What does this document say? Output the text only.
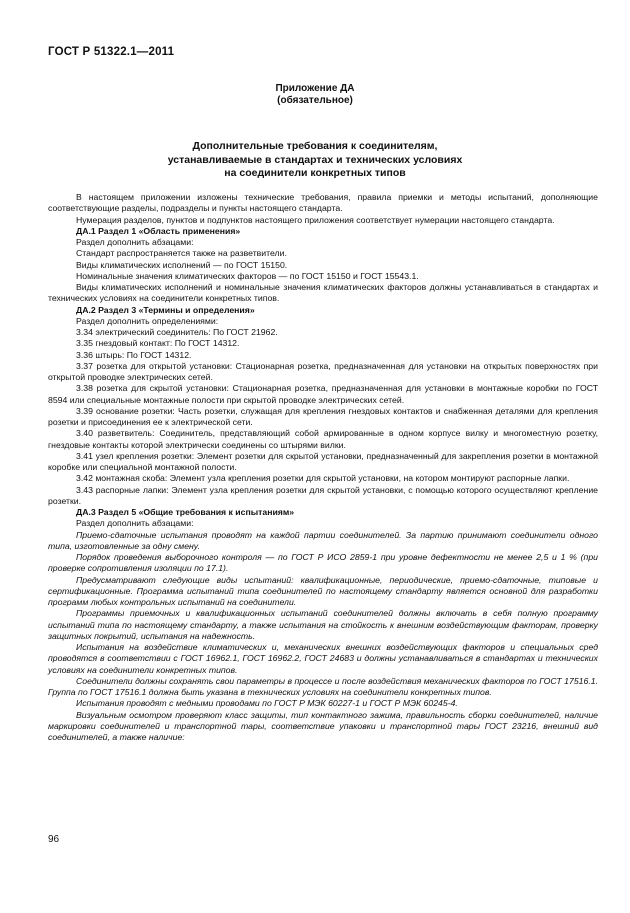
ГОСТ Р 51322.1—2011
Приложение ДА
(обязательное)
Дополнительные требования к соединителям,
устанавливаемые в стандартах и технических условиях
на соединители конкретных типов

В настоящем приложении изложены технические требования, правила приемки и методы испытаний, дополняющие соответствующие разделы, подразделы и пункты настоящего стандарта.

Нумерация разделов, пунктов и подпунктов настоящего приложения соответствует нумерации настоящего стандарта.

ДА.1 Раздел 1 «Область применения»

Раздел дополнить абзацами:

Стандарт распространяется также на разветвители.

Виды климатических исполнений — по ГОСТ 15150.

Номинальные значения климатических факторов — по ГОСТ 15150 и ГОСТ 15543.1.

Виды климатических исполнений и номинальные значения климатических факторов должны устанавливаться в стандартах и технических условиях на соединители конкретных типов.

ДА.2 Раздел 3 «Термины и определения»

Раздел дополнить определениями:

3.34 электрический соединитель: По ГОСТ 21962.

3.35 гнездовый контакт: По ГОСТ 14312.

3.36 штырь: По ГОСТ 14312.

3.37 розетка для открытой установки: Стационарная розетка, предназначенная для установки на открытых поверхностях при открытой проводке электрических сетей.

3.38 розетка для скрытой установки: Стационарная розетка, предназначенная для установки в монтажные коробки по ГОСТ 8594 или специальные монтажные полости при скрытой проводке электрических сетей.

3.39 основание розетки: Часть розетки, служащая для крепления гнездовых контактов и снабженная деталями для крепления розетки и присоединения ее к электрической сети.

3.40 разветвитель: Соединитель, представляющий собой армированные в одном корпусе вилку и многоместную розетку, гнездовые контакты которой электрически соединены со штырями вилки.

3.41 узел крепления розетки: Элемент розетки для скрытой установки, предназначенный для закрепления розетки в монтажной коробке или специальной монтажной полости.

3.42 монтажная скоба: Элемент узла крепления розетки для скрытой установки, на котором монтируют распорные лапки.

3.43 распорные лапки: Элемент узла крепления розетки для скрытой установки, с помощью которого осуществляют крепление розетки.

ДА.3 Раздел 5 «Общие требования к испытаниям»

Раздел дополнить абзацами:

Приемо-сдаточные испытания проводят на каждой партии соединителей. За партию принимают соединители одного типа, изготовленные за одну смену.

Порядок проведения выборочного контроля — по ГОСТ Р ИСО 2859-1 при уровне дефектности не менее 2,5 и 1 % (при проверке сопротивления изоляции по 17.1).

Предусматривают следующие виды испытаний: квалификационные, периодические, приемо-сдаточные, типовые и сертификационные. Программа испытаний типа соединителей по настоящему стандарту является основной для разработки программ любых контрольных испытаний на соединители.

Программы приемочных и квалификационных испытаний соединителей должны включать в себя полную программу испытаний типа по настоящему стандарту, а также испытания на стойкость к внешним воздействующим факторам, проверку защитных покрытий, испытания на надежность.

Испытания на воздействие климатических и, механических внешних воздействующих факторов и специальных сред проводятся в соответствии с ГОСТ 16962.1, ГОСТ 16962.2, ГОСТ 24683 и должны устанавливаться в стандартах и технических условиях на соединители конкретных типов.

Соединители должны сохранять свои параметры в процессе и после воздействия механических факторов по ГОСТ 17516.1. Группа по ГОСТ 17516.1 должна быть указана в технических условиях на соединители конкретных типов.

Испытания проводят с медными проводами по ГОСТ Р МЭК 60227-1 и ГОСТ Р МЭК 60245-4.

Визуальным осмотром проверяют класс защиты, тип контактного зажима, правильность сборки соединителей, наличие маркировки соединителей и транспортной тары, соответствие упаковки и транспортной тары ГОСТ 23216, внешний вид соединителей, а также наличие:

96
